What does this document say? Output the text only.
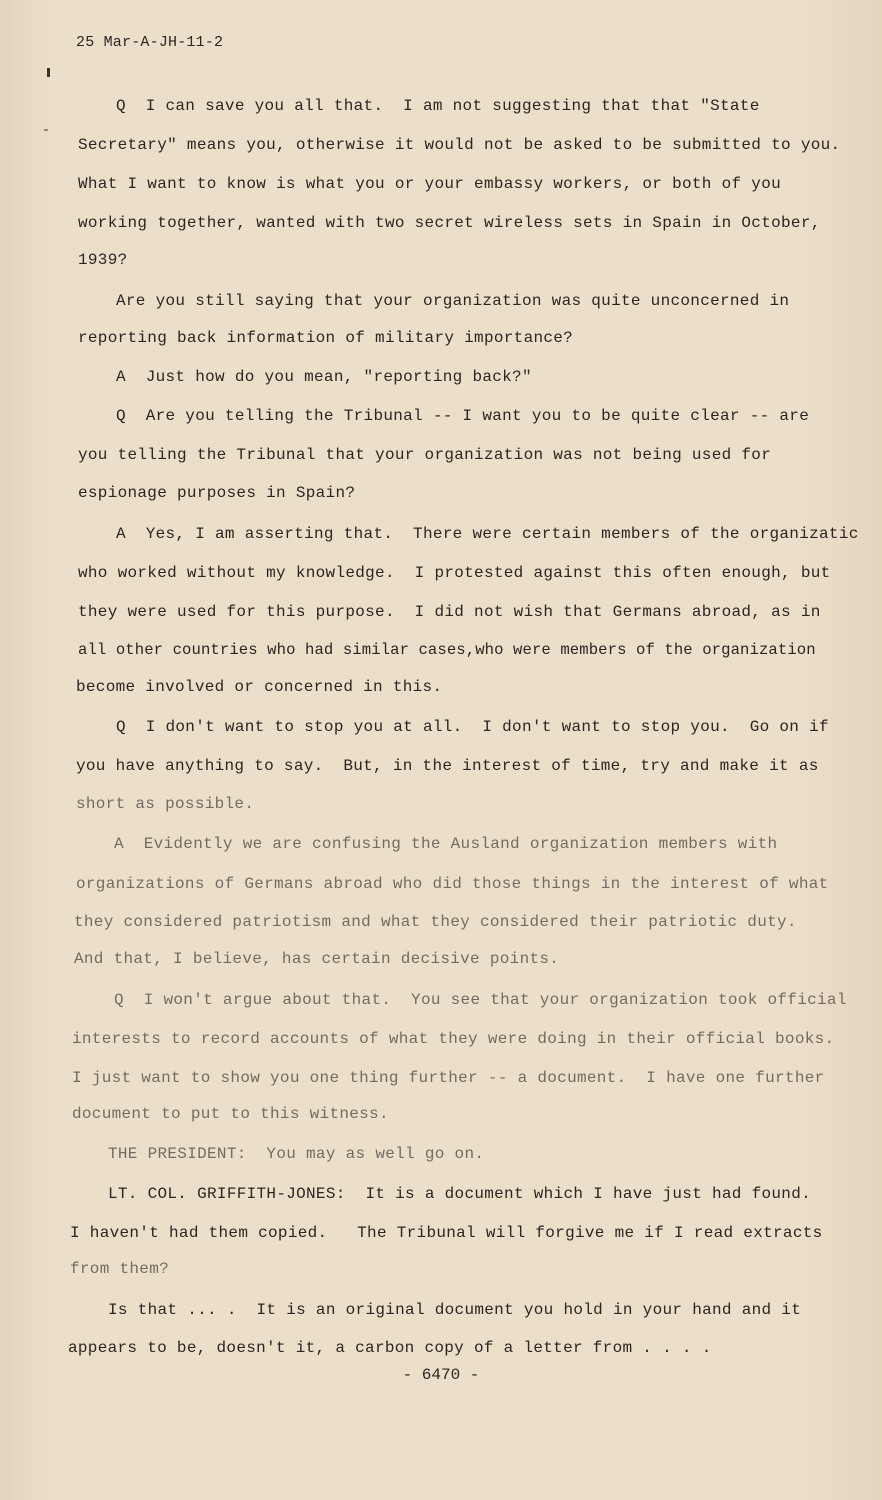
25 Mar-A-JH-11-2
Q  I can save you all that.  I am not suggesting that that "State
Secretary" means you, otherwise it would not be asked to be submitted to you.
What I want to know is what you or your embassy workers, or both of you
working together, wanted with two secret wireless sets in Spain in October,
1939?
Are you still saying that your organization was quite unconcerned in
reporting back information of military importance?
A  Just how do you mean, "reporting back?"
Q  Are you telling the Tribunal -- I want you to be quite clear -- are
you telling the Tribunal that your organization was not being used for
espionage purposes in Spain?
A  Yes, I am asserting that.  There were certain members of the organizatic
who worked without my knowledge.  I protested against this often enough, but
they were used for this purpose.  I did not wish that Germans abroad, as in
all other countries who had similar cases,who were members of the organization
become involved or concerned in this.
Q  I don't want to stop you at all.  I don't want to stop you.  Go on if
you have anything to say.  But, in the interest of time, try and make it as
short as possible.
A  Evidently we are confusing the Ausland organization members with
organizations of Germans abroad who did those things in the interest of what
they considered patriotism and what they considered their patriotic duty.
And that, I believe, has certain decisive points.
Q  I won't argue about that.  You see that your organization took official
interests to record accounts of what they were doing in their official books.
I just want to show you one thing further -- a document.  I have one further
document to put to this witness.
THE PRESIDENT:  You may as well go on.
LT. COL. GRIFFITH-JONES:  It is a document which I have just had found.
I haven't had them copied.   The Tribunal will forgive me if I read extracts
from them?
Is that ... .  It is an original document you hold in your hand and it
appears to be, doesn't it, a carbon copy of a letter from . . . .
- 6470 -
